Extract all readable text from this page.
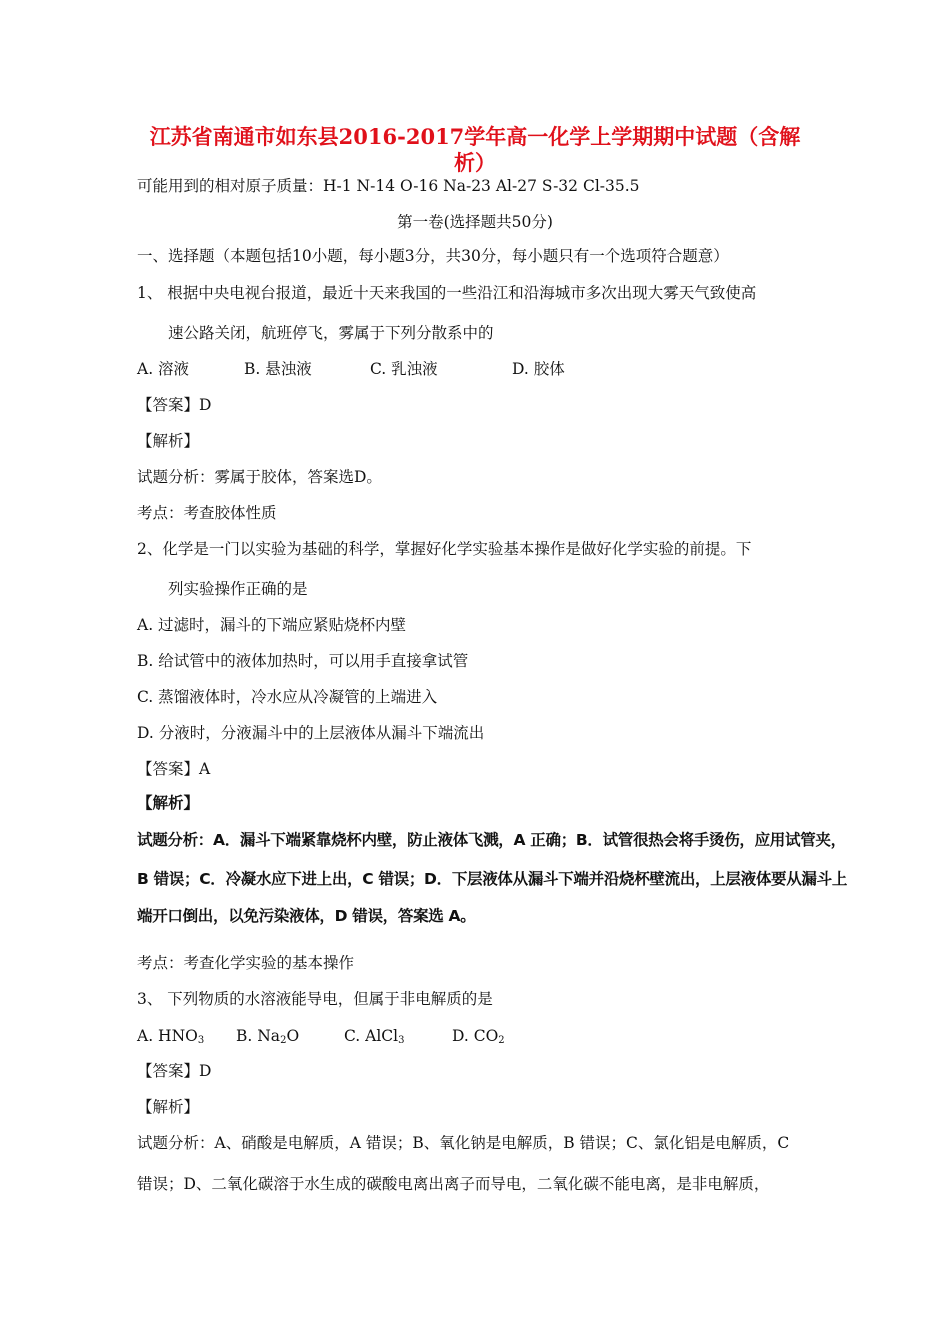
江苏省南通市如东县2016-2017学年高一化学上学期期中试题（含解
析）
可能用到的相对原子质量：H-1 N-14 O-16 Na-23 Al-27 S-32 Cl-35.5
第一卷(选择题共50分)
一、选择题（本题包括10小题，每小题3分，共30分，每小题只有一个选项符合题意）
1、 根据中央电视台报道，最近十天来我国的一些沿江和沿海城市多次出现大雾天气致使高
速公路关闭，航班停飞，雾属于下列分散系中的
A. 溶液	B. 悬浊液	C. 乳浊液	D. 胶体
【答案】D
【解析】
试题分析：雾属于胶体，答案选D。
考点：考查胶体性质
2、化学是一门以实验为基础的科学，掌握好化学实验基本操作是做好化学实验的前提。下
列实验操作正确的是
A. 过滤时，漏斗的下端应紧贴烧杯内壁
B. 给试管中的液体加热时，可以用手直接拿试管
C. 蒸馏液体时，冷水应从冷凝管的上端进入
D. 分液时，分液漏斗中的上层液体从漏斗下端流出
【答案】A
【解析】
试题分析：A．漏斗下端紧靠烧杯内壁，防止液体飞溅，A 正确；B．试管很热会将手烫伤，应用试管夹，
B 错误；C．冷凝水应下进上出，C 错误；D．下层液体从漏斗下端并沿烧杯壁流出，上层液体要从漏斗上
端开口倒出，以免污染液体，D 错误，答案选 A。
考点：考查化学实验的基本操作
3、 下列物质的水溶液能导电，但属于非电解质的是
A. $HNO_3$ B. $Na_2O$	C. AlCl$_3$	D. $CO_2$
【答案】D
【解析】
试题分析：A、硝酸是电解质，A 错误；B、氧化钠是电解质，B 错误；C、氯化铝是电解质，C
错误；D、二氧化碳溶于水生成的碳酸电离出离子而导电，二氧化碳不能电离，是非电解质，
